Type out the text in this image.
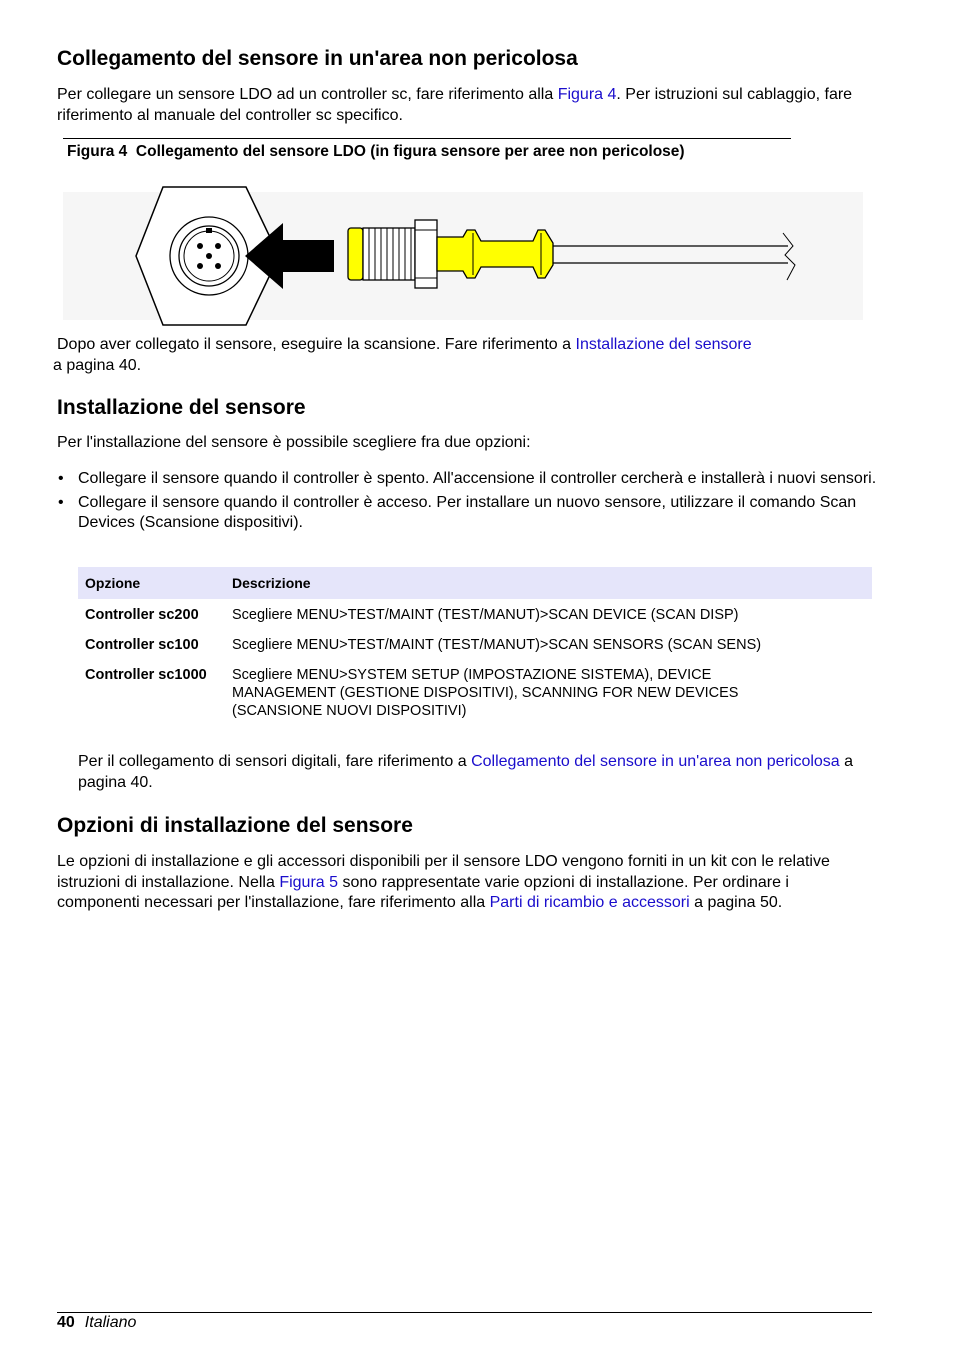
Collegamento del sensore in un'area non pericolosa
Per collegare un sensore LDO ad un controller sc, fare riferimento alla Figura 4. Per istruzioni sul cablaggio, fare riferimento al manuale del controller sc specifico.
Figura 4 Collegamento del sensore LDO (in figura sensore per aree non pericolose)
Dopo aver collegato il sensore, eseguire la scansione. Fare riferimento a Installazione del sensore
a pagina 40.
Installazione del sensore
Per l'installazione del sensore è possibile scegliere fra due opzioni:
• Collegare il sensore quando il controller è spento. All'accensione il controller cercherà e installerà i nuovi sensori.
• Collegare il sensore quando il controller è acceso. Per installare un nuovo sensore, utilizzare il comando Scan Devices (Scansione dispositivi).
Opzione	Descrizione
Controller sc200	Scegliere MENU>TEST/MAINT (TEST/MANUT)>SCAN DEVICE (SCAN DISP)
Controller sc100	Scegliere MENU>TEST/MAINT (TEST/MANUT)>SCAN SENSORS (SCAN SENS)
Controller sc1000	Scegliere MENU>SYSTEM SETUP (IMPOSTAZIONE SISTEMA), DEVICE MANAGEMENT (GESTIONE DISPOSITIVI), SCANNING FOR NEW DEVICES (SCANSIONE NUOVI DISPOSITIVI)
Per il collegamento di sensori digitali, fare riferimento a Collegamento del sensore in un'area non pericolosa a pagina 40.
Opzioni di installazione del sensore
Le opzioni di installazione e gli accessori disponibili per il sensore LDO vengono forniti in un kit con le relative istruzioni di installazione. Nella Figura 5 sono rappresentate varie opzioni di installazione. Per ordinare i componenti necessari per l'installazione, fare riferimento alla Parti di ricambio e accessori a pagina 50.
40 Italiano
